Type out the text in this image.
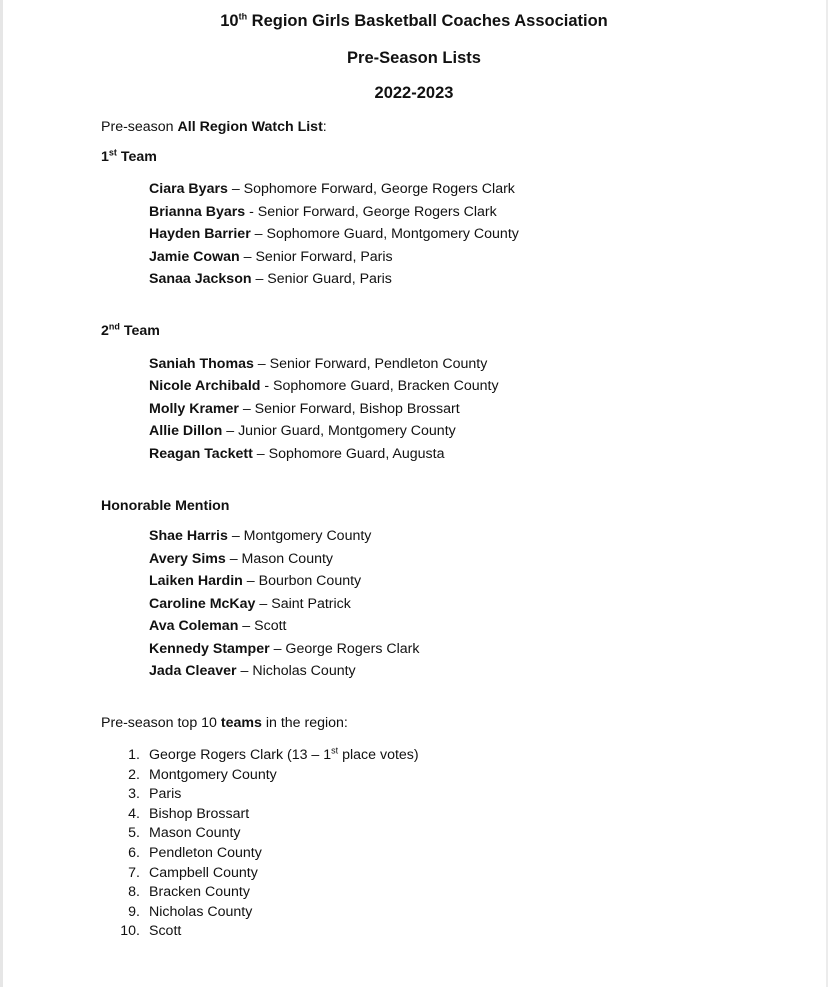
10th Region Girls Basketball Coaches Association
Pre-Season Lists
2022-2023
Pre-season All Region Watch List:
1st Team
Ciara Byars – Sophomore Forward, George Rogers Clark
Brianna Byars - Senior Forward, George Rogers Clark
Hayden Barrier – Sophomore Guard, Montgomery County
Jamie Cowan – Senior Forward, Paris
Sanaa Jackson – Senior Guard, Paris
2nd Team
Saniah Thomas – Senior Forward, Pendleton County
Nicole Archibald - Sophomore Guard, Bracken County
Molly Kramer – Senior Forward, Bishop Brossart
Allie Dillon – Junior Guard, Montgomery County
Reagan Tackett – Sophomore Guard, Augusta
Honorable Mention
Shae Harris – Montgomery County
Avery Sims – Mason County
Laiken Hardin – Bourbon County
Caroline McKay – Saint Patrick
Ava Coleman – Scott
Kennedy Stamper – George Rogers Clark
Jada Cleaver – Nicholas County
Pre-season top 10 teams in the region:
1. George Rogers Clark (13 – 1st place votes)
2. Montgomery County
3. Paris
4. Bishop Brossart
5. Mason County
6. Pendleton County
7. Campbell County
8. Bracken County
9. Nicholas County
10. Scott
